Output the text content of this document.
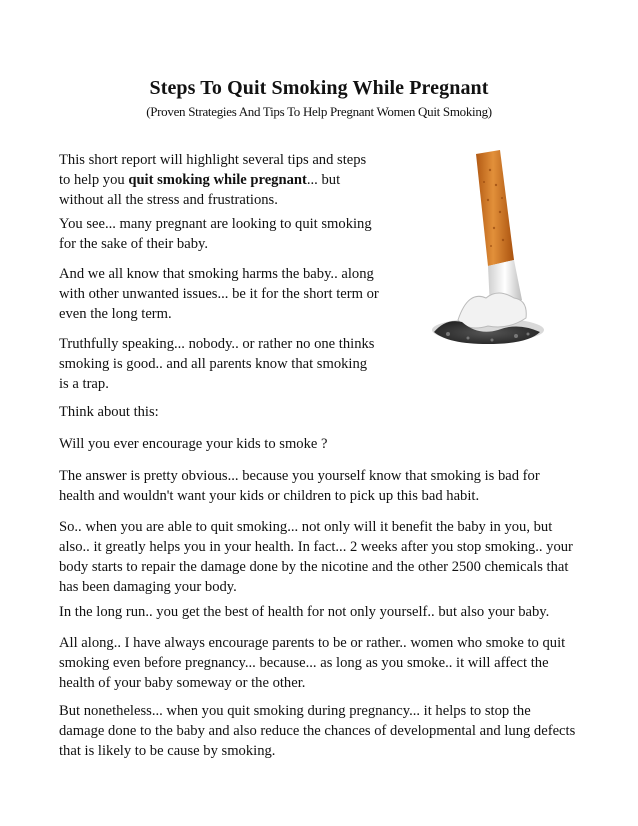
Steps To Quit Smoking While Pregnant
(Proven Strategies And Tips To Help Pregnant Women Quit Smoking)

This short report will highlight several tips and steps
to help you quit smoking while pregnant... but
without all the stress and frustrations.

You see... many pregnant are looking to quit smoking
for the sake of their baby.

And we all know that smoking harms the baby.. along
with other unwanted issues... be it for the short term or
even the long term.

Truthfully speaking... nobody.. or rather no one thinks
smoking is good.. and all parents know that smoking
is a trap.

Think about this:

Will you ever encourage your kids to smoke ?

The answer is pretty obvious... because you yourself know that smoking is bad for
health and wouldn't want your kids or children to pick up this bad habit.

So.. when you are able to quit smoking... not only will it benefit the baby in you, but
also.. it greatly helps you in your health. In fact... 2 weeks after you stop smoking.. your
body starts to repair the damage done by the nicotine and the other 2500 chemicals that
has been damaging your body.

In the long run.. you get the best of health for not only yourself.. but also your baby.

All along.. I have always encourage parents to be or rather.. women who smoke to quit
smoking even before pregnancy... because... as long as you smoke.. it will affect the
health of your baby someway or the other.

But nonetheless... when you quit smoking during pregnancy... it helps to stop the
damage done to the baby and also reduce the chances of developmental and lung defects
that is likely to be cause by smoking.
